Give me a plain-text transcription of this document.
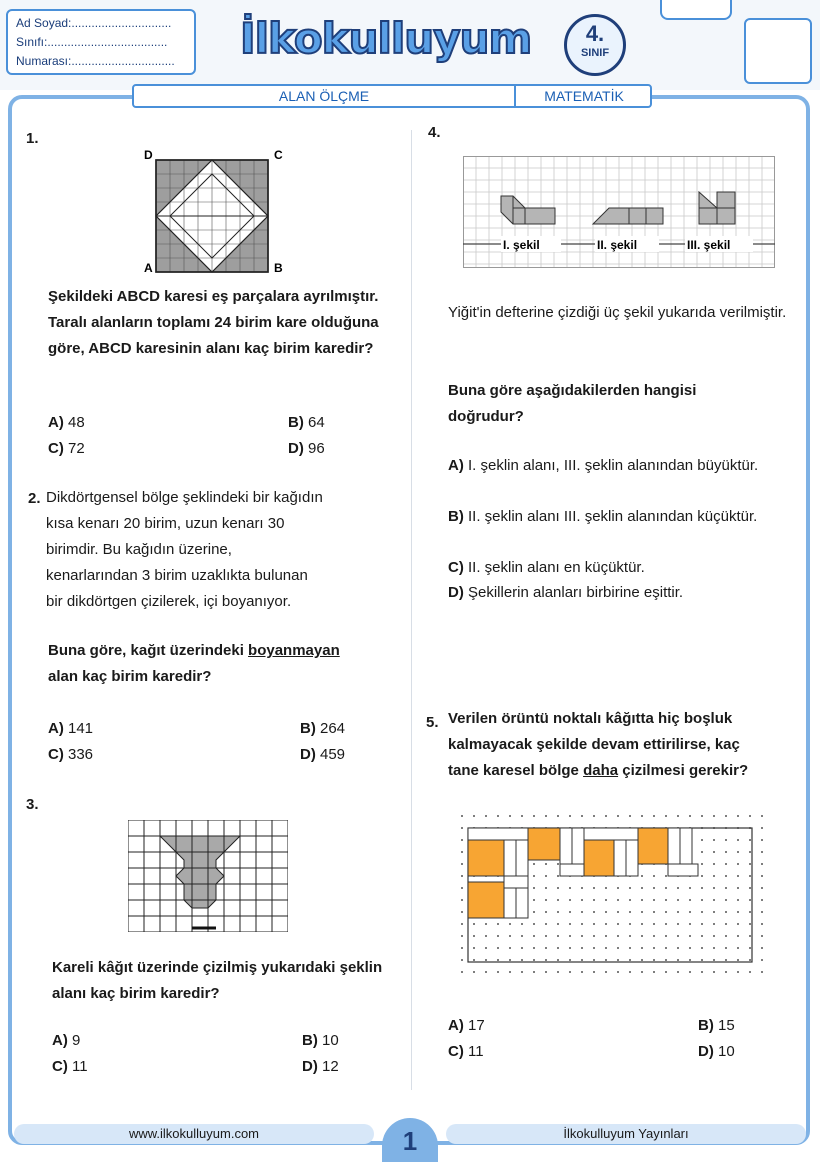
Ad Soyad:..............................
Sınıfı:....................................
Numarası:............................... İlkokulluyum	4.
SINIF
ALAN ÖLÇME	MATEMATİK
1.
D	C
A	B
Şekildeki ABCD karesi eş parçalara ayrılmıştır. Taralı alanların toplamı 24 birim kare olduğuna göre, ABCD karesinin alanı kaç birim karedir?
A) 48	B) 64
C) 72	D) 96
2. Dikdörtgensel bölge şeklindeki bir kağıdın
kısa kenarı 20 birim, uzun kenarı 30
birimdir. Bu kağıdın üzerine,
kenarlarından 3 birim uzaklıkta bulunan
bir dikdörtgen çizilerek, içi boyanıyor.
Buna göre, kağıt üzerindeki boyanmayan
alan kaç birim karedir?
A) 141	B) 264
C) 336	D) 459
3.
Kareli kâğıt üzerinde çizilmiş yukarıdaki şeklin alanı kaç birim karedir?
A) 9	B) 10
C) 11	D) 12
4.
I. şekil	II. şekil	III. şekil
Yiğit'in defterine çizdiği üç şekil yukarıda verilmiştir.
Buna göre aşağıdakilerden hangisi doğrudur?
A) I. şeklin alanı, III. şeklin alanından büyüktür.
B) II. şeklin alanı III. şeklin alanından küçüktür.
C) II. şeklin alanı en küçüktür.
D) Şekillerin alanları birbirine eşittir.
5. Verilen örüntü noktalı kâğıtta hiç boşluk
kalmayacak şekilde devam ettirilirse, kaç
tane karesel bölge daha çizilmesi gerekir?
A) 17	B) 15
C) 11	D) 10
www.ilkokulluyum.com	1	İlkokulluyum Yayınları
